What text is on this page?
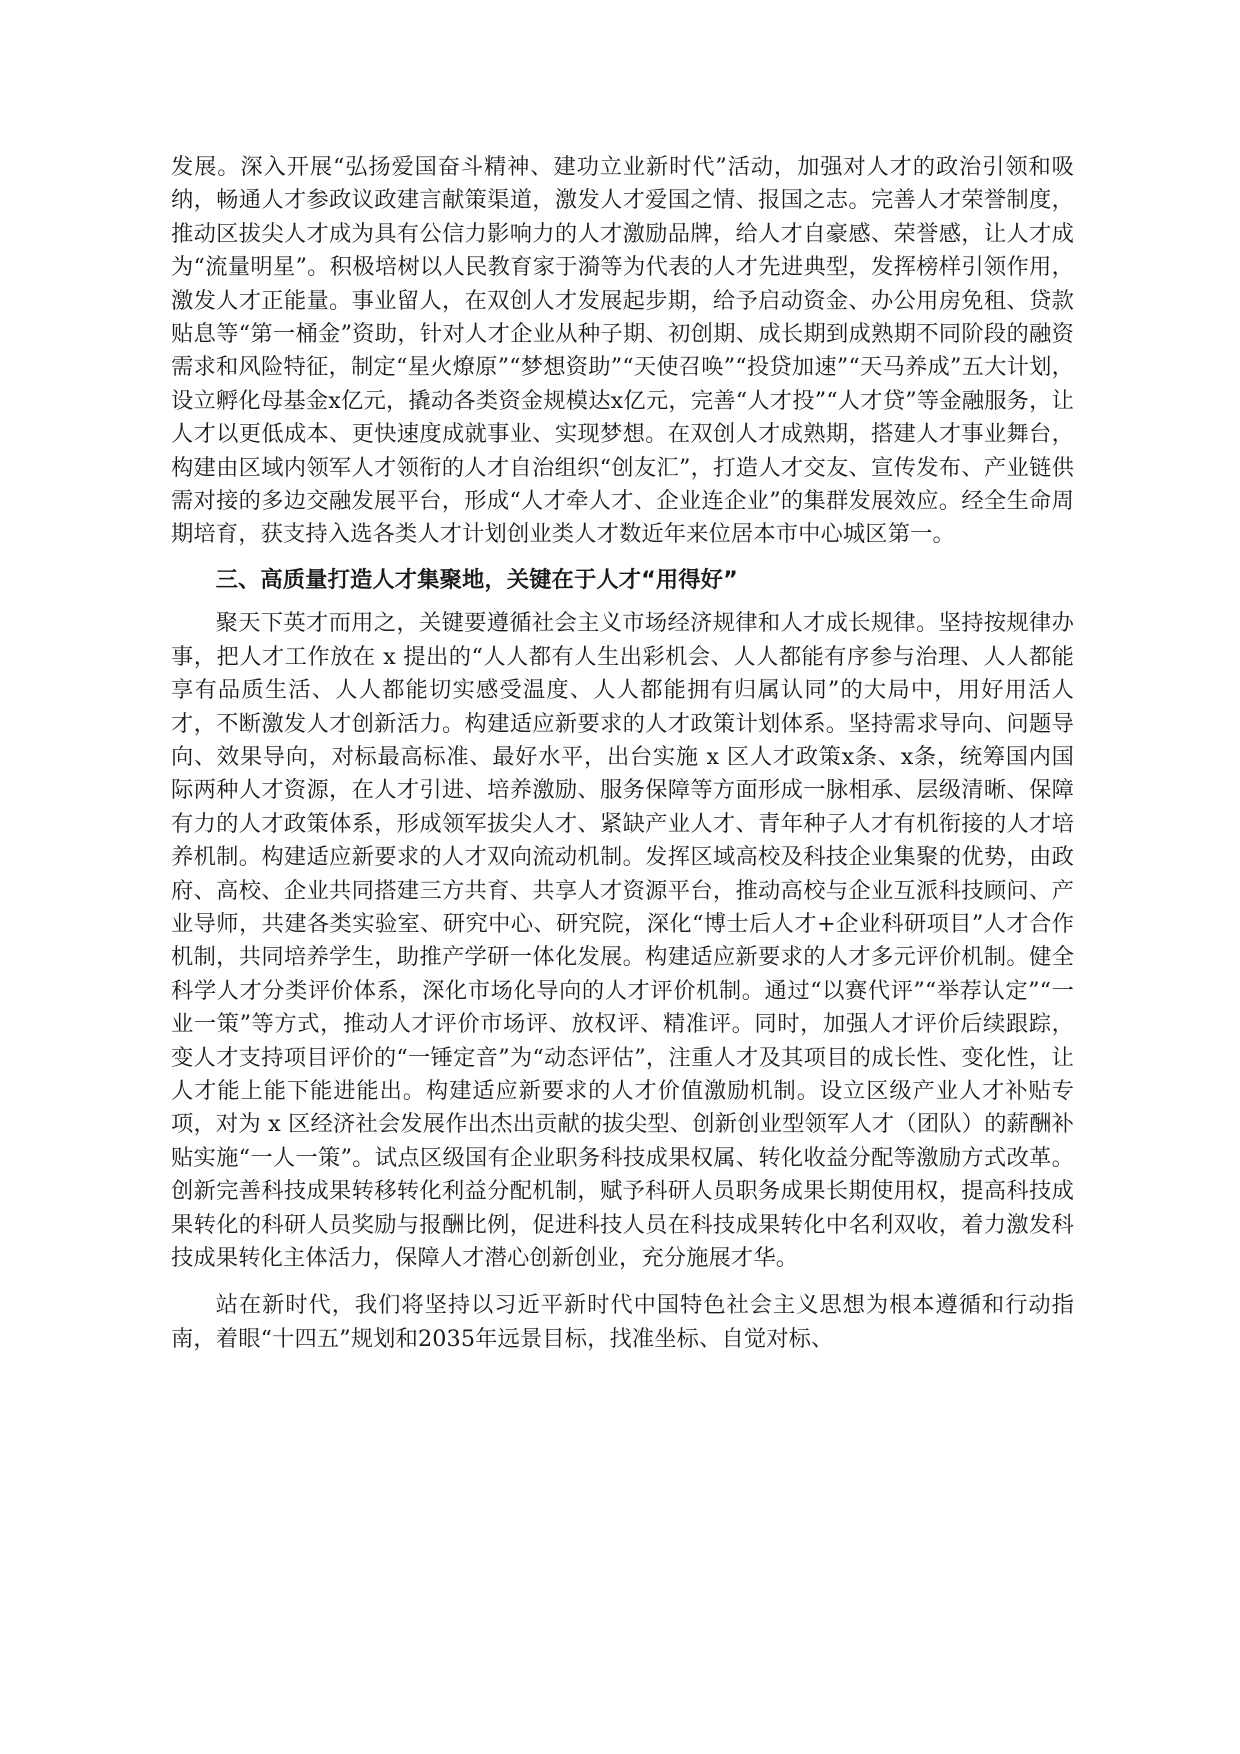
发展。深入开展“弘扬爱国奋斗精神、建功立业新时代”活动，加强对人才的政治引领和吸纳，畅通人才参政议政建言献策渠道，激发人才爱国之情、报国之志。完善人才荣誉制度，推动区拔尖人才成为具有公信力影响力的人才激励品牌，给人才自豪感、荣誉感，让人才成为“流量明星”。积极培树以人民教育家于漪等为代表的人才先进典型，发挥榜样引领作用，激发人才正能量。事业留人，在双创人才发展起步期，给予启动资金、办公用房免租、贷款贴息等“第一桶金”资助，针对人才企业从种子期、初创期、成长期到成熟期不同阶段的融资需求和风险特征，制定“星火燎原”“梦想资助”“天使召唤”“投贷加速”“天马养成”五大计划，设立孵化母基金x亿元，撬动各类资金规模达x亿元，完善“人才投”“人才贷”等金融服务，让人才以更低成本、更快速度成就事业、实现梦想。在双创人才成熟期，搭建人才事业舞台，构建由区域内领军人才领衔的人才自治组织“创友汇”，打造人才交友、宣传发布、产业链供需对接的多边交融发展平台，形成“人才牵人才、企业连企业”的集群发展效应。经全生命周期培育，获支持入选各类人才计划创业类人才数近年来位居本市中心城区第一。

三、高质量打造人才集聚地，关键在于人才“用得好”

聚天下英才而用之，关键要遵循社会主义市场经济规律和人才成长规律。坚持按规律办事，把人才工作放在 x 提出的“人人都有人生出彩机会、人人都能有序参与治理、人人都能享有品质生活、人人都能切实感受温度、人人都能拥有归属认同”的大局中，用好用活人才，不断激发人才创新活力。构建适应新要求的人才政策计划体系。坚持需求导向、问题导向、效果导向，对标最高标准、最好水平，出台实施 x 区人才政策x条、x条，统筹国内国际两种人才资源，在人才引进、培养激励、服务保障等方面形成一脉相承、层级清晰、保障有力的人才政策体系，形成领军拔尖人才、紧缺产业人才、青年种子人才有机衔接的人才培养机制。构建适应新要求的人才双向流动机制。发挥区域高校及科技企业集聚的优势，由政府、高校、企业共同搭建三方共育、共享人才资源平台，推动高校与企业互派科技顾问、产业导师，共建各类实验室、研究中心、研究院，深化“博士后人才+企业科研项目”人才合作机制，共同培养学生，助推产学研一体化发展。构建适应新要求的人才多元评价机制。健全科学人才分类评价体系，深化市场化导向的人才评价机制。通过“以赛代评”“举荐认定”“一业一策”等方式，推动人才评价市场评、放权评、精准评。同时，加强人才评价后续跟踪，变人才支持项目评价的“一锤定音”为“动态评估”，注重人才及其项目的成长性、变化性，让人才能上能下能进能出。构建适应新要求的人才价值激励机制。设立区级产业人才补贴专项，对为 x 区经济社会发展作出杰出贡献的拔尖型、创新创业型领军人才（团队）的薪酬补贴实施“一人一策”。试点区级国有企业职务科技成果权属、转化收益分配等激励方式改革。创新完善科技成果转移转化利益分配机制，赋予科研人员职务成果长期使用权，提高科技成果转化的科研人员奖励与报酬比例，促进科技人员在科技成果转化中名利双收，着力激发科技成果转化主体活力，保障人才潜心创新创业，充分施展才华。

站在新时代，我们将坚持以习近平新时代中国特色社会主义思想为根本遵循和行动指南，着眼“十四五”规划和2035年远景目标，找准坐标、自觉对标、
